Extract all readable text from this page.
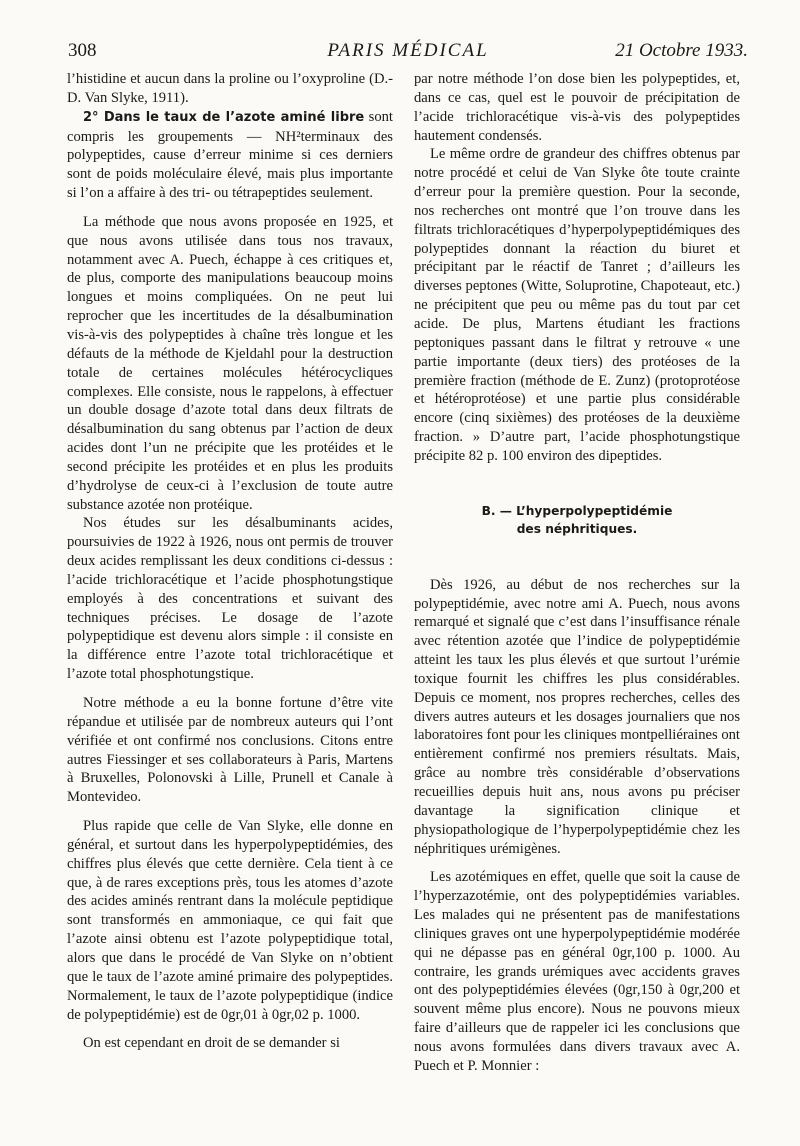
308	PARIS MÉDICAL	21 Octobre 1933.

l’histidine et aucun dans la proline ou l’oxyproline (D.-D. Van Slyke, 1911).

2° Dans le taux de l’azote aminé libre sont compris les groupements — NH²terminaux des polypeptides, cause d’erreur minime si ces derniers sont de poids moléculaire élevé, mais plus importante si l’on a affaire à des tri- ou tétrapeptides seulement.

La méthode que nous avons proposée en 1925, et que nous avons utilisée dans tous nos travaux, notamment avec A. Puech, échappe à ces critiques et, de plus, comporte des manipulations beaucoup moins longues et moins compliquées. On ne peut lui reprocher que les incertitudes de la désalbumination vis-à-vis des polypeptides à chaîne très longue et les défauts de la méthode de Kjeldahl pour la destruction totale de certaines molécules hétérocycliques complexes. Elle consiste, nous le rappelons, à effectuer un double dosage d’azote total dans deux filtrats de désalbumination du sang obtenus par l’action de deux acides dont l’un ne précipite que les protéides et le second précipite les protéides et en plus les produits d’hydrolyse de ceux-ci à l’exclusion de toute autre substance azotée non protéique.

Nos études sur les désalbuminants acides, poursuivies de 1922 à 1926, nous ont permis de trouver deux acides remplissant les deux conditions ci-dessus : l’acide trichloracétique et l’acide phosphotungstique employés à des concentrations et suivant des techniques précises. Le dosage de l’azote polypeptidique est devenu alors simple : il consiste en la différence entre l’azote total trichloracétique et l’azote total phosphotungstique.

Notre méthode a eu la bonne fortune d’être vite répandue et utilisée par de nombreux auteurs qui l’ont vérifiée et ont confirmé nos conclusions. Citons entre autres Fiessinger et ses collaborateurs à Paris, Martens à Bruxelles, Polonovski à Lille, Prunell et Canale à Montevideo.

Plus rapide que celle de Van Slyke, elle donne en général, et surtout dans les hyperpolypeptidémies, des chiffres plus élevés que cette dernière. Cela tient à ce que, à de rares exceptions près, tous les atomes d’azote des acides aminés rentrant dans la molécule peptidique sont transformés en ammoniaque, ce qui fait que l’azote ainsi obtenu est l’azote polypeptidique total, alors que dans le procédé de Van Slyke on n’obtient que le taux de l’azote aminé primaire des polypeptides. Normalement, le taux de l’azote polypeptidique (indice de polypeptidémie) est de 0gr,01 à 0gr,02 p. 1000.

On est cependant en droit de se demander si

par notre méthode l’on dose bien les polypeptides, et, dans ce cas, quel est le pouvoir de précipitation de l’acide trichloracétique vis-à-vis des polypeptides hautement condensés.

Le même ordre de grandeur des chiffres obtenus par notre procédé et celui de Van Slyke ôte toute crainte d’erreur pour la première question. Pour la seconde, nos recherches ont montré que l’on trouve dans les filtrats trichloracétiques d’hyperpolypeptidémiques des polypeptides donnant la réaction du biuret et précipitant par le réactif de Tanret ; d’ailleurs les diverses peptones (Witte, Soluprotine, Chapoteaut, etc.) ne précipitent que peu ou même pas du tout par cet acide. De plus, Martens étudiant les fractions peptoniques passant dans le filtrat y retrouve « une partie importante (deux tiers) des protéoses de la première fraction (méthode de E. Zunz) (protoprotéose et hétéroprotéose) et une partie plus considérable encore (cinq sixièmes) des protéoses de la deuxième fraction. » D’autre part, l’acide phosphotungstique précipite 82 p. 100 environ des dipeptides.

B. — L’hyperpolypeptidémie
des néphritiques.

Dès 1926, au début de nos recherches sur la polypeptidémie, avec notre ami A. Puech, nous avons remarqué et signalé que c’est dans l’insuffisance rénale avec rétention azotée que l’indice de polypeptidémie atteint les taux les plus élevés et que surtout l’urémie toxique fournit les chiffres les plus considérables. Depuis ce moment, nos propres recherches, celles des divers autres auteurs et les dosages journaliers que nos laboratoires font pour les cliniques montpelliéraines ont entièrement confirmé nos premiers résultats. Mais, grâce au nombre très considérable d’observations recueillies depuis huit ans, nous avons pu préciser davantage la signification clinique et physiopathologique de l’hyperpolypeptidémie chez les néphritiques urémigènes.

Les azotémiques en effet, quelle que soit la cause de l’hyperzazotémie, ont des polypeptidémies variables. Les malades qui ne présentent pas de manifestations cliniques graves ont une hyperpolypeptidémie modérée qui ne dépasse pas en général 0gr,100 p. 1000. Au contraire, les grands urémiques avec accidents graves ont des polypeptidémies élevées (0gr,150 à 0gr,200 et souvent même plus encore). Nous ne pouvons mieux faire d’ailleurs que de rappeler ici les conclusions que nous avons formulées dans divers travaux avec A. Puech et P. Monnier :
